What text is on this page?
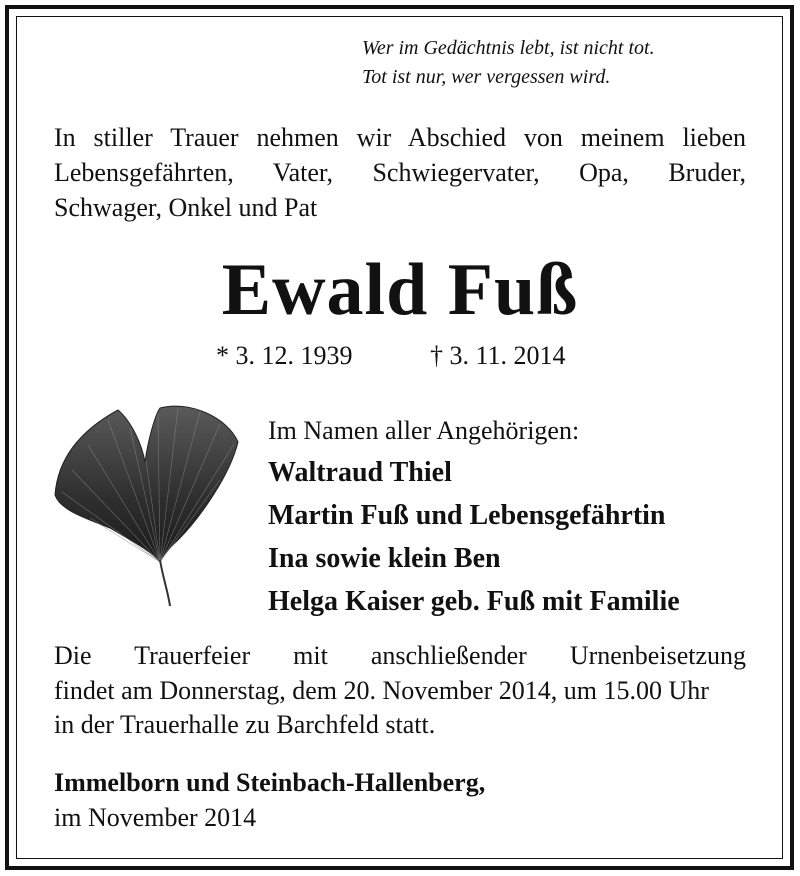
Wer im Gedächtnis lebt, ist nicht tot.
Tot ist nur, wer vergessen wird.
In stiller Trauer nehmen wir Abschied von meinem lieben
Lebensgefährten, Vater, Schwiegervater, Opa, Bruder,
Schwager, Onkel und Pat
Ewald Fuß
* 3. 12. 1939	† 3. 11. 2014
Im Namen aller Angehörigen:
Waltraud Thiel
Martin Fuß und Lebensgefährtin
Ina sowie klein Ben
Helga Kaiser geb. Fuß mit Familie
Die Trauerfeier mit anschließender Urnenbeisetzung
findet am Donnerstag, dem 20. November 2014, um 15.00 Uhr
in der Trauerhalle zu Barchfeld statt.
Immelborn und Steinbach-Hallenberg,
im November 2014
